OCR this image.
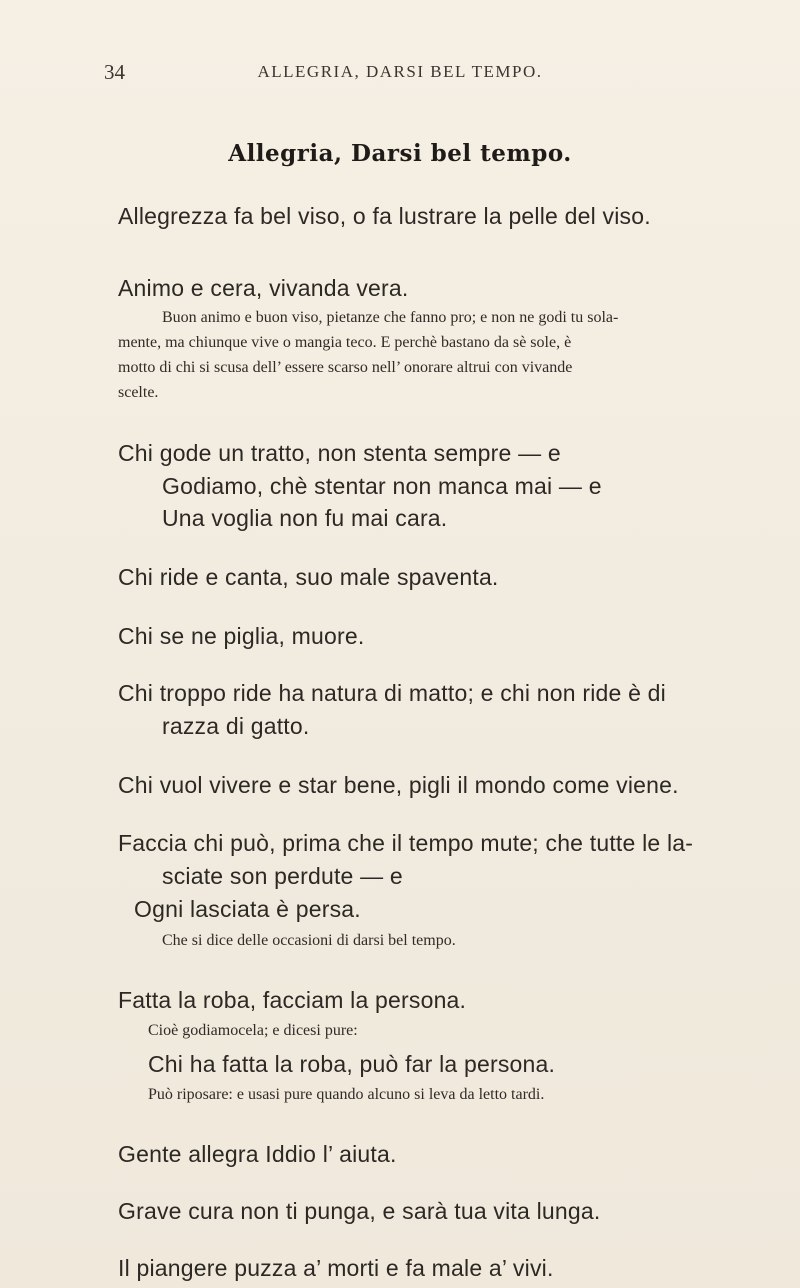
34	ALLEGRIA, DARSI BEL TEMPO.
Allegria, Darsi bel tempo.
Allegrezza fa bel viso, o fa lustrare la pelle del viso.
Animo e cera, vivanda vera.
Buon animo e buon viso, pietanze che fanno pro; e non ne godi tu sola-
mente, ma chiunque vive o mangia teco. E perchè bastano da sè sole, è
motto di chi si scusa dell’ essere scarso nell’ onorare altrui con vivande
scelte.
Chi gode un tratto, non stenta sempre — e
Godiamo, chè stentar non manca mai — e
Una voglia non fu mai cara.
Chi ride e canta, suo male spaventa.
Chi se ne piglia, muore.
Chi troppo ride ha natura di matto; e chi non ride è di
razza di gatto.
Chi vuol vivere e star bene, pigli il mondo come viene.
Faccia chi può, prima che il tempo mute; che tutte le la-
sciate son perdute — e
Ogni lasciata è persa.
Che si dice delle occasioni di darsi bel tempo.
Fatta la roba, facciam la persona.
Cioè godiamocela; e dicesi pure:
Chi ha fatta la roba, può far la persona.
Può riposare: e usasi pure quando alcuno si leva da letto tardi.
Gente allegra Iddio l’ aiuta.
Grave cura non ti punga, e sarà tua vita lunga.
Il piangere puzza a’ morti e fa male a’ vivi.
